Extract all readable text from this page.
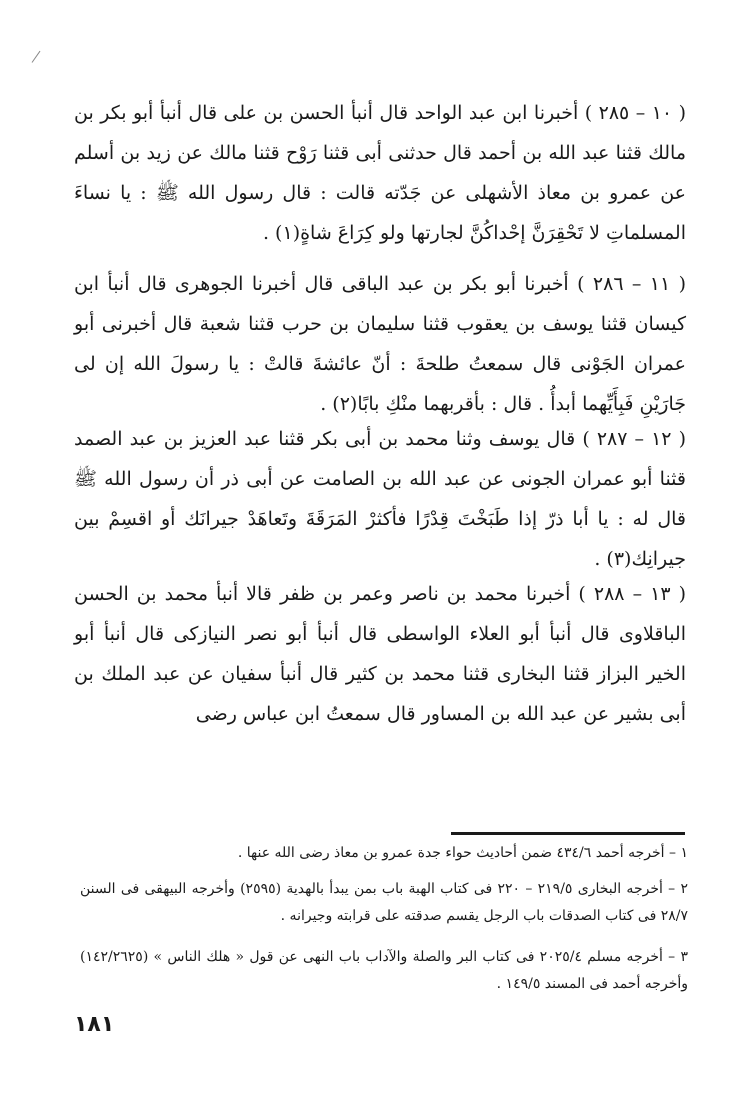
( ١٠ – ٢٨٥ ) أخبرنا ابن عبد الواحد قال أنبأ الحسن بن على قال أنبأ أبو بكر بن مالك قثنا عبد الله بن أحمد قال حدثنى أبى قثنا رَوْح قثنا مالك عن زيد بن أسلم عن عمرو بن معاذ الأشهلى عن جَدّته قالت : قال رسول الله ﷺ : يا نساءَ المسلماتِ لا تَحْقِرَنَّ إحْداكُنَّ لجارتها ولو كِرَاعَ شاةٍ(١) .

( ١١ – ٢٨٦ ) أخبرنا أبو بكر بن عبد الباقى قال أخبرنا الجوهرى قال أنبأ ابن كيسان قثنا يوسف بن يعقوب قثنا سليمان بن حرب قثنا شعبة قال أخبرنى أبو عمران الجَوْنى قال سمعتُ طلحةَ : أنّ عائشةَ قالتْ : يا رسولَ الله إن لى جَارَيْنِ فَبِأَيِّهما أبدأُ . قال : بأقربهما منْكِ بابًا(٢) .

( ١٢ – ٢٨٧ ) قال يوسف وثنا محمد بن أبى بكر قثنا عبد العزيز بن عبد الصمد قثنا أبو عمران الجونى عن عبد الله بن الصامت عن أبى ذر أن رسول الله ﷺ قال له : يا أبا ذرّ إذا طَبَخْتَ قِدْرًا فأكثرْ المَرَقَةَ وتَعاهَدْ جيرانَك أو اقسِمْ بين جيرانِك(٣) .

( ١٣ – ٢٨٨ ) أخبرنا محمد بن ناصر وعمر بن ظفر قالا أنبأ محمد بن الحسن الباقلاوى قال أنبأ أبو العلاء الواسطى قال أنبأ أبو نصر النيازكى قال أنبأ أبو الخير البزاز قثنا البخارى قثنا محمد بن كثير قال أنبأ سفيان عن عبد الملك بن أبى بشير عن عبد الله بن المساور قال سمعتُ ابن عباس رضى

١ – أخرجه أحمد ٤٣٤/٦ ضمن أحاديث حواء جدة عمرو بن معاذ رضى الله عنها .

٢ – أخرجه البخارى ٢١٩/٥ – ٢٢٠ فى كتاب الهبة باب بمن يبدأ بالهدية (٢٥٩٥) وأخرجه البيهقى فى السنن ٢٨/٧ فى كتاب الصدقات باب الرجل يقسم صدقته على قرابته وجيرانه .

٣ – أخرجه مسلم ٢٠٢٥/٤ فى كتاب البر والصلة والآداب باب النهى عن قول « هلك الناس » (١٤٢/٢٦٢٥) وأخرجه أحمد فى المسند ١٤٩/٥ .

١٨١
